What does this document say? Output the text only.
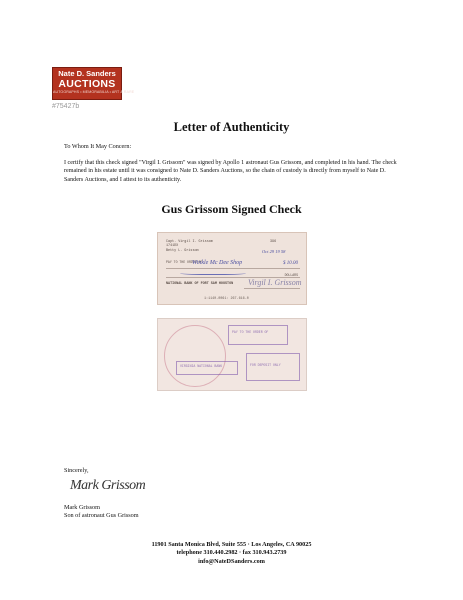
Nate D. Sanders
AUCTIONS
AUTOGRAPHS • MEMORABILIA • ART & RARE
#75427b
Letter of Authenticity
To Whom It May Concern:
I certify that this check signed "Virgil I. Grissom" was signed by Apollo 1 astronaut Gus Grissom, and completed in his hand. The check remained in his estate until it was consigned to Nate D. Sanders Auctions, so the chain of custody is directly from myself to Nate D. Sanders Auctions, and I attest to its authenticity.
Gus Grissom Signed Check
Capt. Virgil I. Grissom
1741DX
Betty L. Grissom
396
Oct 29 19 58
PAY TO THE ORDER OF
Winkle Mc Dee Shop	$ 10.00
DOLLARS
NATIONAL BANK OF FORT SAM HOUSTON Virgil I. Grissom
1:1140-0061: 267-616-0
PAY TO THE ORDER OF
VIRGINIA NATIONAL BANK	FOR DEPOSIT ONLY
Sincerely,
Mark Grissom
Mark Grissom
Son of astronaut Gus Grissom
11901 Santa Monica Blvd, Suite 555 · Los Angeles, CA 90025
telephone 310.440.2982 · fax 310.943.2739
info@NateDSanders.com
